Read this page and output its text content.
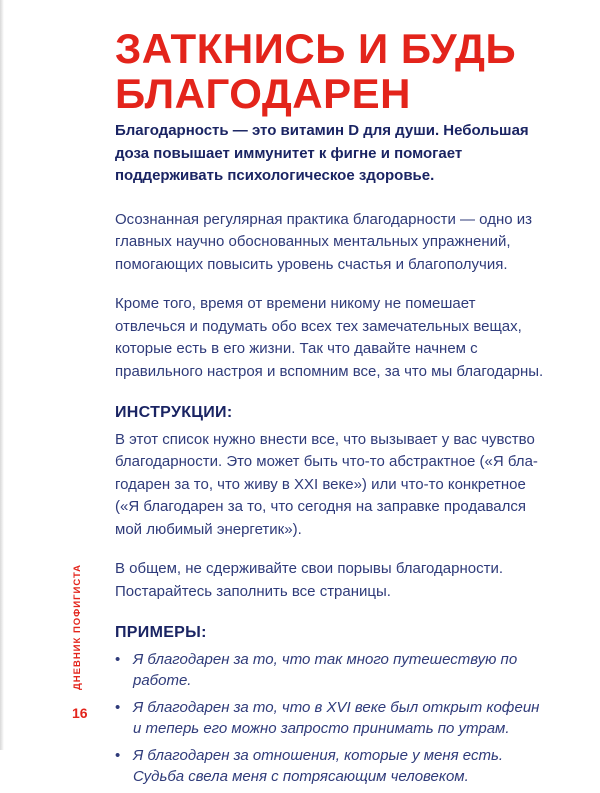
ЗАТКНИСЬ И БУДЬ БЛАГОДАРЕН

Благодарность — это витамин D для души. Небольшая доза повышает иммунитет к фигне и помогает поддерживать психологическое здоровье.

Осознанная регулярная практика благодарности — одно из главных научно обоснованных ментальных упражнений, помогающих повысить уровень счастья и благополучия.

Кроме того, время от времени никому не помешает отвлечься и подумать обо всех тех замечательных вещах, которые есть в его жизни. Так что давайте начнем с правильного настроя и вспомним все, за что мы благодарны.

ИНСТРУКЦИИ:

В этот список нужно внести все, что вызывает у вас чувство благодарности. Это может быть что-то абстрактное («Я благодарен за то, что живу в XXI веке») или что-то конкретное («Я благодарен за то, что сегодня на заправке продавался мой любимый энергетик»).

В общем, не сдерживайте свои порывы благодарности. Постарайтесь заполнить все страницы.

ПРИМЕРЫ:
• Я благодарен за то, что так много путешествую по работе.
• Я благодарен за то, что в XVI веке был открыт кофеин и теперь его можно запросто принимать по утрам.
• Я благодарен за отношения, которые у меня есть. Судьба свела меня с потрясающим человеком.
ДНЕВНИК ПОФИГИСТА
16
